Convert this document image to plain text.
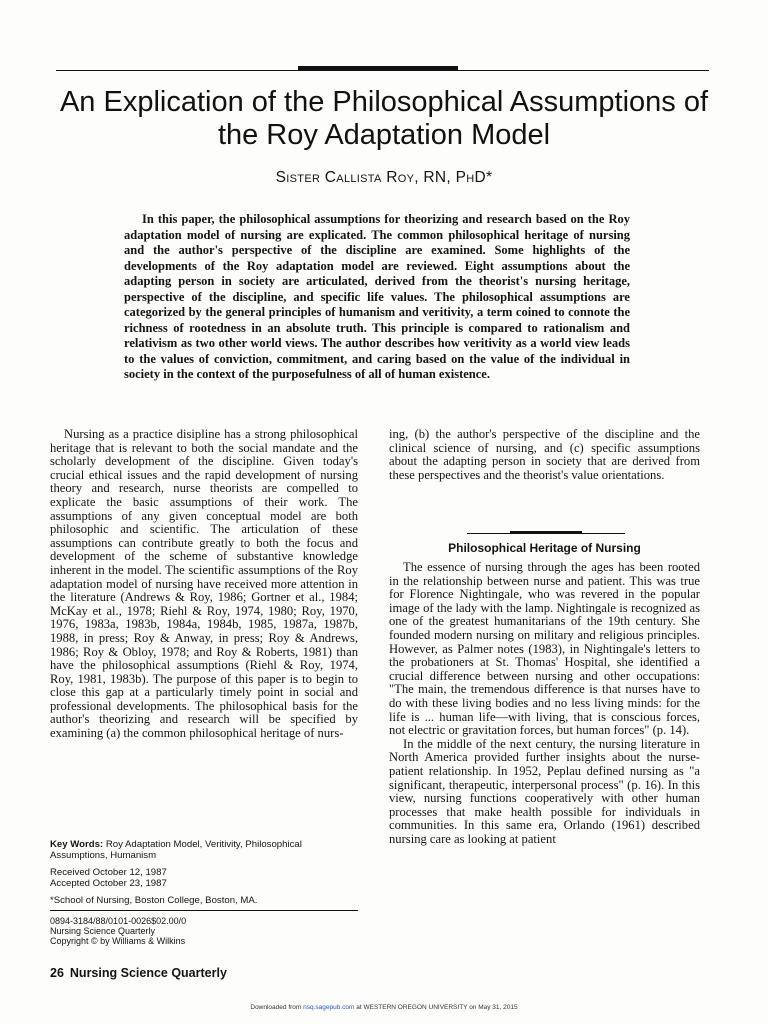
An Explication of the Philosophical Assumptions of the Roy Adaptation Model
Sister Callista Roy, RN, PhD*

In this paper, the philosophical assumptions for theorizing and research based on the Roy adaptation model of nursing are explicated. The common philosophical heritage of nursing and the author's perspective of the discipline are examined. Some highlights of the developments of the Roy adaptation model are reviewed. Eight assumptions about the adapting person in society are articulated, derived from the theorist's nursing heritage, perspective of the discipline, and specific life values. The philosophical assumptions are categorized by the general principles of humanism and veritivity, a term coined to connote the richness of rootedness in an absolute truth. This principle is compared to rationalism and relativism as two other world views. The author describes how veritivity as a world view leads to the values of conviction, commitment, and caring based on the value of the individual in society in the context of the purposefulness of all of human existence.

Nursing as a practice disipline has a strong philosophical heritage that is relevant to both the social mandate and the scholarly development of the discipline. Given today's crucial ethical issues and the rapid development of nursing theory and research, nurse theorists are compelled to explicate the basic assumptions of their work. The assumptions of any given conceptual model are both philosophic and scientific. The articulation of these assumptions can contribute greatly to both the focus and development of the scheme of substantive knowledge inherent in the model. The scientific assumptions of the Roy adaptation model of nursing have received more attention in the literature (Andrews & Roy, 1986; Gortner et al., 1984; McKay et al., 1978; Riehl & Roy, 1974, 1980; Roy, 1970, 1976, 1983a, 1983b, 1984a, 1984b, 1985, 1987a, 1987b, 1988, in press; Roy & Anway, in press; Roy & Andrews, 1986; Roy & Obloy, 1978; and Roy & Roberts, 1981) than have the philosophical assumptions (Riehl & Roy, 1974, Roy, 1981, 1983b). The purpose of this paper is to begin to close this gap at a particularly timely point in social and professional developments. The philosophical basis for the author's theorizing and research will be specified by examining (a) the common philosophical heritage of nurs-

ing, (b) the author's perspective of the discipline and the clinical science of nursing, and (c) specific assumptions about the adapting person in society that are derived from these perspectives and the theorist's value orientations.

Philosophical Heritage of Nursing

The essence of nursing through the ages has been rooted in the relationship between nurse and patient. This was true for Florence Nightingale, who was revered in the popular image of the lady with the lamp. Nightingale is recognized as one of the greatest humanitarians of the 19th century. She founded modern nursing on military and religious principles. However, as Palmer notes (1983), in Nightingale's letters to the probationers at St. Thomas' Hospital, she identified a crucial difference between nursing and other occupations: "The main, the tremendous difference is that nurses have to do with these living bodies and no less living minds: for the life is ... human life—with living, that is conscious forces, not electric or gravitation forces, but human forces" (p. 14).

In the middle of the next century, the nursing literature in North America provided further insights about the nurse-patient relationship. In 1952, Peplau defined nursing as "a significant, therapeutic, interpersonal process" (p. 16). In this view, nursing functions cooperatively with other human processes that make health possible for individuals in communities. In this same era, Orlando (1961) described nursing care as looking at patient

Key Words: Roy Adaptation Model, Veritivity, Philosophical Assumptions, Humanism

Received October 12, 1987

Accepted October 23, 1987

*School of Nursing, Boston College, Boston, MA.

0894-3184/88/0101-0026$02.00/0

Nursing Science Quarterly

Copyright © by Williams & Wilkins

26 Nursing Science Quarterly
Downloaded from nsq.sagepub.com at WESTERN OREGON UNIVERSITY on May 31, 2015
